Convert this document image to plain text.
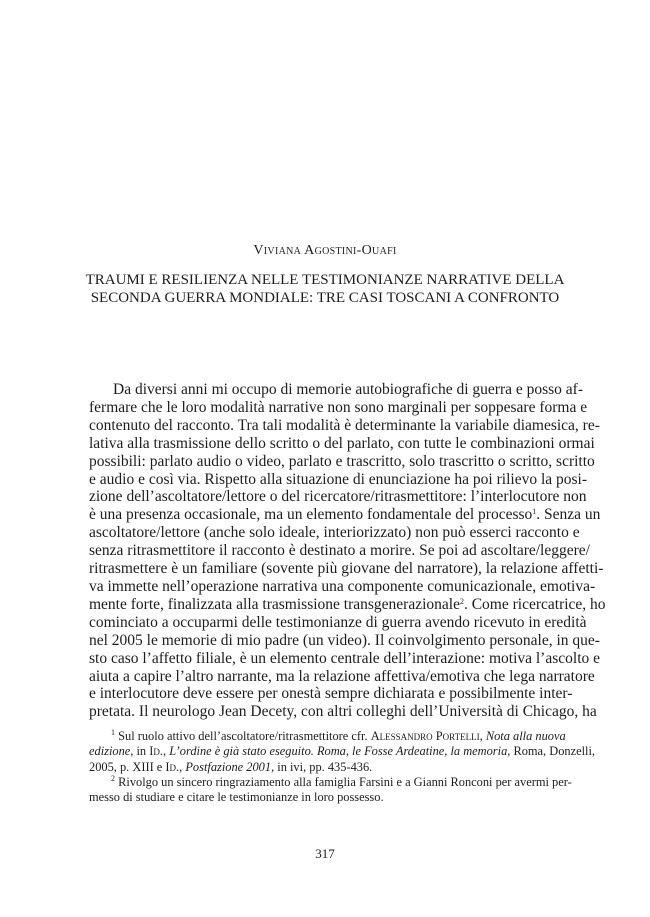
Viviana Agostini-Ouafi
TRAUMI E RESILIENZA NELLE TESTIMONIANZE NARRATIVE DELLA
SECONDA GUERRA MONDIALE: TRE CASI TOSCANI A CONFRONTO
Da diversi anni mi occupo di memorie autobiografiche di guerra e posso af-
fermare che le loro modalità narrative non sono marginali per soppesare forma e
contenuto del racconto. Tra tali modalità è determinante la variabile diamesica, re-
lativa alla trasmissione dello scritto o del parlato, con tutte le combinazioni ormai
possibili: parlato audio o video, parlato e trascritto, solo trascritto o scritto, scritto
e audio e così via. Rispetto alla situazione di enunciazione ha poi rilievo la posi-
zione dell’ascoltatore/lettore o del ricercatore/ritrasmettitore: l’interlocutore non
è una presenza occasionale, ma un elemento fondamentale del processo$^1$. Senza un
ascoltatore/lettore (anche solo ideale, interiorizzato) non può esserci racconto e
senza ritrasmettitore il racconto è destinato a morire. Se poi ad ascoltare/leggere/
ritrasmettere è un familiare (sovente più giovane del narratore), la relazione affetti-
va immette nell’operazione narrativa una componente comunicazionale, emotiva-
mente forte, finalizzata alla trasmissione transgenerazionale$^2$. Come ricercatrice, ho
cominciato a occuparmi delle testimonianze di guerra avendo ricevuto in eredità
nel 2005 le memorie di mio padre (un video). Il coinvolgimento personale, in que-
sto caso l’affetto filiale, è un elemento centrale dell’interazione: motiva l’ascolto e
aiuta a capire l’altro narrante, ma la relazione affettiva/emotiva che lega narratore
e interlocutore deve essere per onestà sempre dichiarata e possibilmente inter-
pretata. Il neurologo Jean Decety, con altri colleghi dell’Università di Chicago, ha
$^1$ Sul ruolo attivo dell’ascoltatore/ritrasmettitore cfr. Alessandro Portelli, Nota alla nuova
edizione, in Id., L’ordine è già stato eseguito. Roma, le Fosse Ardeatine, la memoria, Roma, Donzelli,
2005, p. XIII e Id., Postfazione 2001, in ivi, pp. 435-436.
$^2$ Rivolgo un sincero ringraziamento alla famiglia Farsini e a Gianni Ronconi per avermi per-
messo di studiare e citare le testimonianze in loro possesso.
317
